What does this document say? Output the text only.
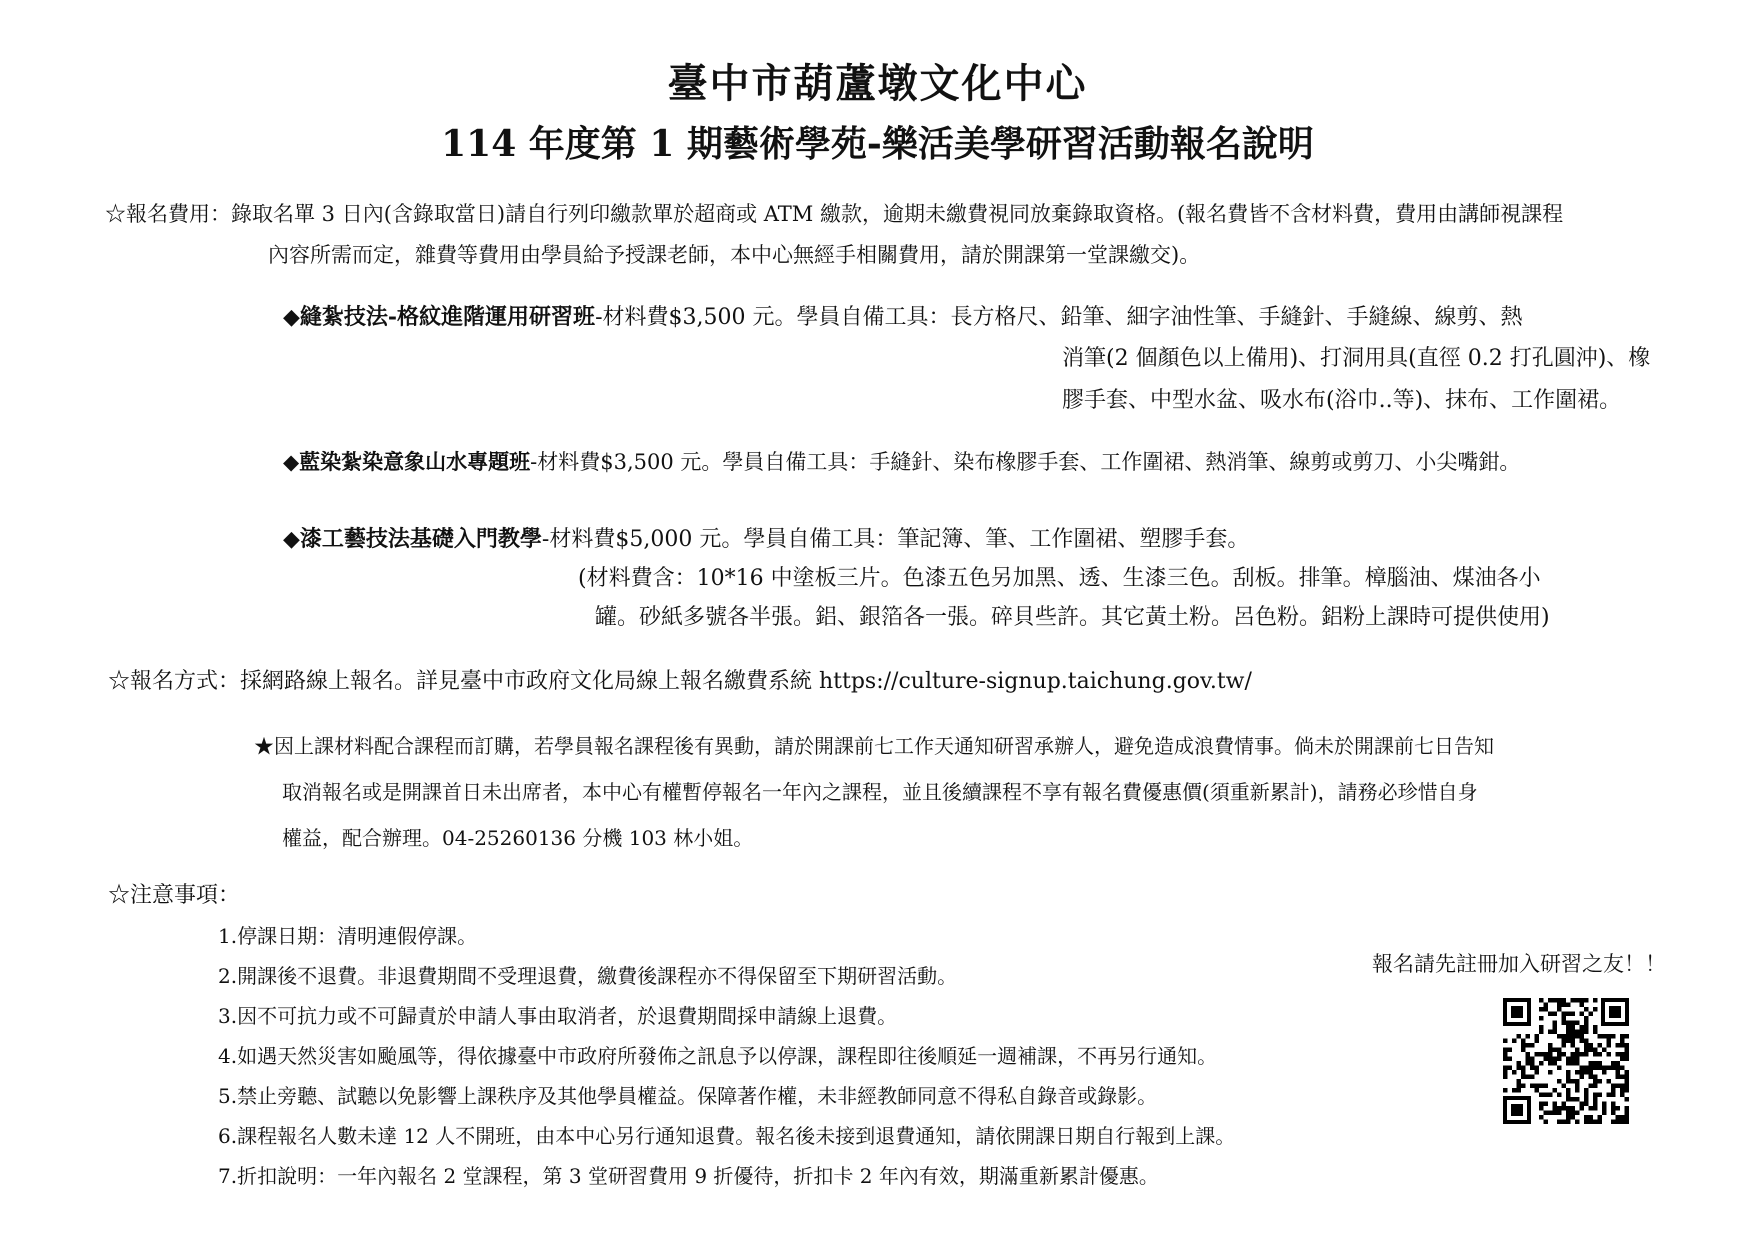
臺中市葫蘆墩文化中心
114 年度第 1 期藝術學苑-樂活美學研習活動報名說明
☆報名費用：錄取名單 3 日內(含錄取當日)請自行列印繳款單於超商或 ATM 繳款，逾期未繳費視同放棄錄取資格。(報名費皆不含材料費，費用由講師視課程
內容所需而定，雜費等費用由學員給予授課老師，本中心無經手相關費用，請於開課第一堂課繳交)。
◆縫紮技法-格紋進階運用研習班-材料費$3,500 元。學員自備工具：長方格尺、鉛筆、細字油性筆、手縫針、手縫線、線剪、熱
消筆(2 個顏色以上備用)、打洞用具(直徑 0.2 打孔圓沖)、橡
膠手套、中型水盆、吸水布(浴巾..等)、抹布、工作圍裙。
◆藍染紮染意象山水專題班-材料費$3,500 元。學員自備工具：手縫針、染布橡膠手套、工作圍裙、熱消筆、線剪或剪刀、小尖嘴鉗。
◆漆工藝技法基礎入門教學-材料費$5,000 元。學員自備工具：筆記簿、筆、工作圍裙、塑膠手套。
(材料費含：10*16 中塗板三片。色漆五色另加黑、透、生漆三色。刮板。排筆。樟腦油、煤油各小
罐。砂紙多號各半張。鋁、銀箔各一張。碎貝些許。其它黃土粉。呂色粉。鋁粉上課時可提供使用)
☆報名方式：採網路線上報名。詳見臺中市政府文化局線上報名繳費系統 https://culture-signup.taichung.gov.tw/
★因上課材料配合課程而訂購，若學員報名課程後有異動，請於開課前七工作天通知研習承辦人，避免造成浪費情事。倘未於開課前七日告知
取消報名或是開課首日未出席者，本中心有權暫停報名一年內之課程，並且後續課程不享有報名費優惠價(須重新累計)，請務必珍惜自身
權益，配合辦理。04-25260136 分機 103 林小姐。
☆注意事項：
1.停課日期：清明連假停課。
2.開課後不退費。非退費期間不受理退費，繳費後課程亦不得保留至下期研習活動。
3.因不可抗力或不可歸責於申請人事由取消者，於退費期間採申請線上退費。
4.如遇天然災害如颱風等，得依據臺中市政府所發佈之訊息予以停課，課程即往後順延一週補課，不再另行通知。
5.禁止旁聽、試聽以免影響上課秩序及其他學員權益。保障著作權，未非經教師同意不得私自錄音或錄影。
6.課程報名人數未達 12 人不開班，由本中心另行通知退費。報名後未接到退費通知，請依開課日期自行報到上課。
7.折扣說明：一年內報名 2 堂課程，第 3 堂研習費用 9 折優待，折扣卡 2 年內有效，期滿重新累計優惠。
報名請先註冊加入研習之友！！
